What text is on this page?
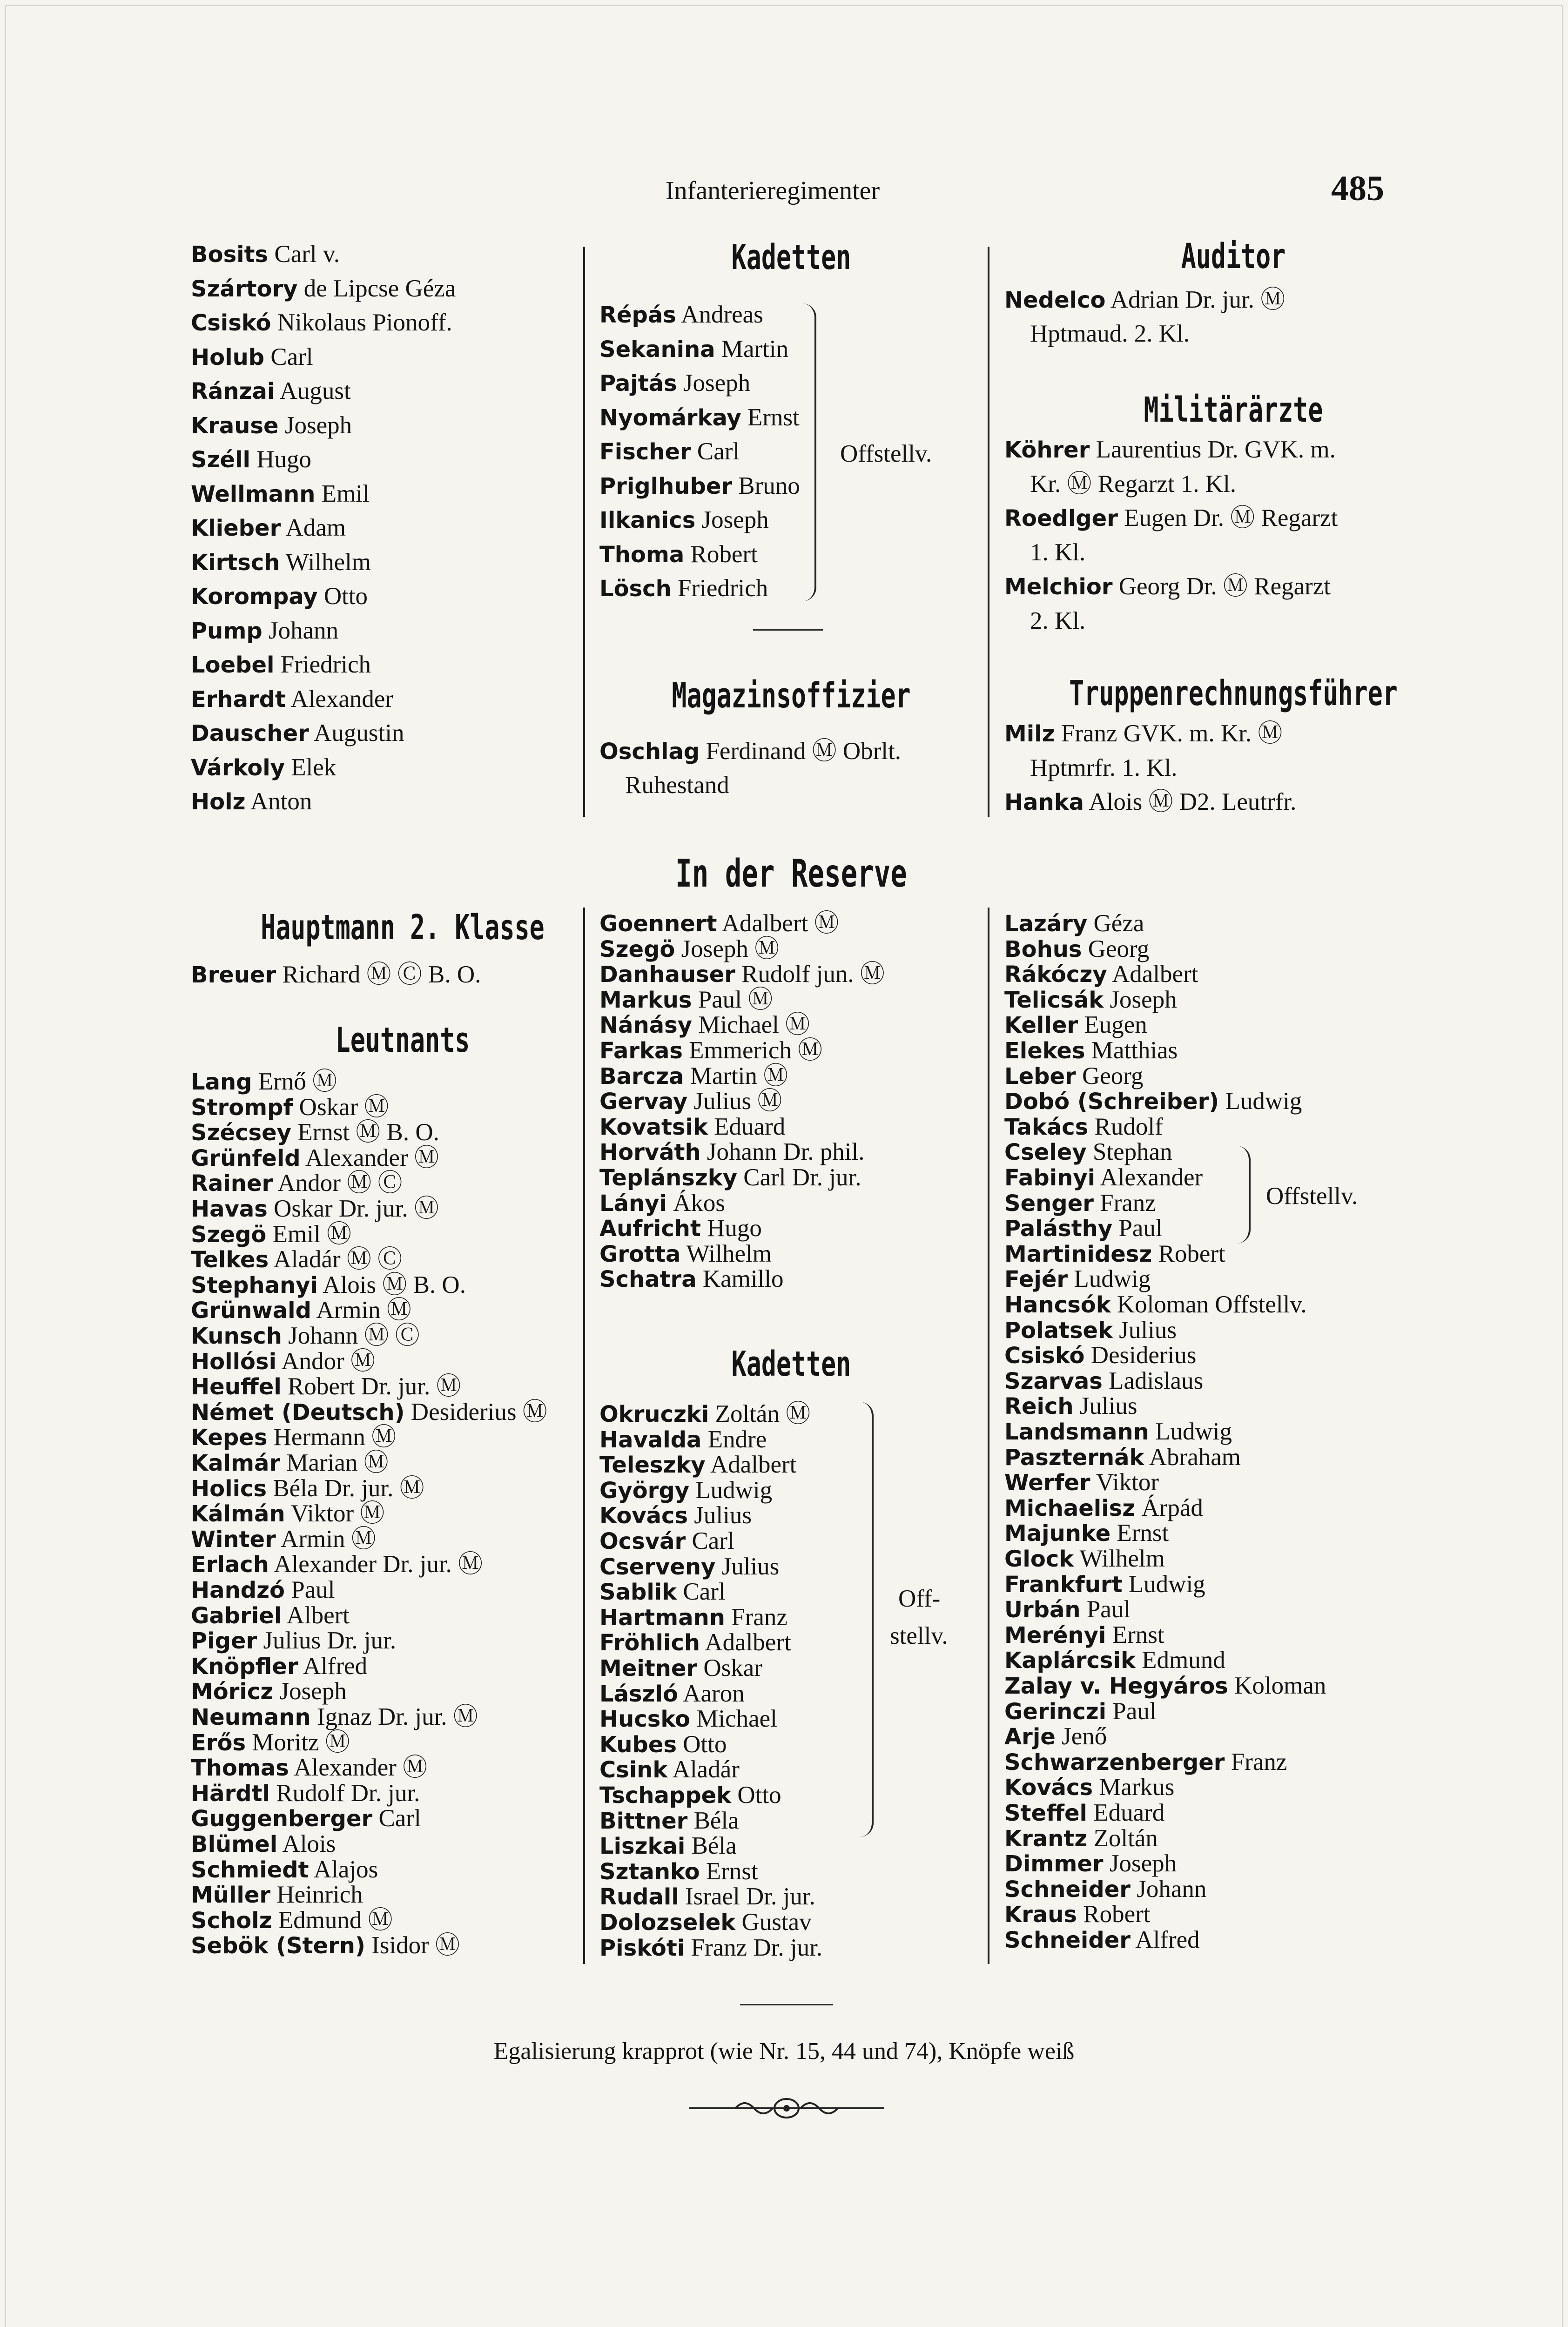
Infanterieregimenter	485
Bosits Carl v.
Szártory de Lipcse Géza
Csiskó Nikolaus Pionoff.
Holub Carl
Ránzai August
Krause Joseph
Széll Hugo
Wellmann Emil
Klieber Adam
Kirtsch Wilhelm
Korompay Otto
Pump Johann
Loebel Friedrich
Erhardt Alexander
Dauscher Augustin
Várkoly Elek
Holz Anton
Hauptmann 2. Klasse
Breuer Richard Ⓜ Ⓒ B. O.
Leutnants
Lang Ernő Ⓜ
Strompf Oskar Ⓜ
Szécsey Ernst Ⓜ B. O.
Grünfeld Alexander Ⓜ
Rainer Andor Ⓜ Ⓒ
Havas Oskar Dr. jur. Ⓜ
Szegö Emil Ⓜ
Telkes Aladár Ⓜ Ⓒ
Stephanyi Alois Ⓜ B. O.
Grünwald Armin Ⓜ
Kunsch Johann Ⓜ Ⓒ
Hollósi Andor Ⓜ
Heuffel Robert Dr. jur. Ⓜ
Német (Deutsch) Desiderius Ⓜ
Kepes Hermann Ⓜ
Kalmár Marian Ⓜ
Holics Béla Dr. jur. Ⓜ
Kálmán Viktor Ⓜ
Winter Armin Ⓜ
Erlach Alexander Dr. jur. Ⓜ
Handzó Paul
Gabriel Albert
Piger Julius Dr. jur.
Knöpfler Alfred
Móricz Joseph
Neumann Ignaz Dr. jur. Ⓜ
Erős Moritz Ⓜ
Thomas Alexander Ⓜ
Härdtl Rudolf Dr. jur.
Guggenberger Carl
Blümel Alois
Schmiedt Alajos
Müller Heinrich
Scholz Edmund Ⓜ
Sebök (Stern) Isidor Ⓜ
Kadetten
Répás Andreas
Sekanina Martin
Pajtás Joseph
Nyomárkay Ernst
Fischer Carl
Priglhuber Bruno
Ilkanics Joseph
Thoma Robert
Lösch Friedrich
Offstellv.
Magazinsoffizier
Oschlag Ferdinand Ⓜ Obrlt.
Ruhestand
Auditor
Nedelco Adrian Dr. jur. Ⓜ
Hptmaud. 2. Kl.
Militärärzte
Köhrer Laurentius Dr. GVK. m.
Kr. Ⓜ Regarzt 1. Kl.
Roedlger Eugen Dr. Ⓜ Regarzt
1. Kl.
Melchior Georg Dr. Ⓜ Regarzt
2. Kl.
Truppenrechnungsführer
Milz Franz GVK. m. Kr. Ⓜ
Hptmrfr. 1. Kl.
Hanka Alois Ⓜ D2. Leutrfr.
In der Reserve
Goennert Adalbert Ⓜ
Szegö Joseph Ⓜ
Danhauser Rudolf jun. Ⓜ
Markus Paul Ⓜ
Nánásy Michael Ⓜ
Farkas Emmerich Ⓜ
Barcza Martin Ⓜ
Gervay Julius Ⓜ
Kovatsik Eduard
Horváth Johann Dr. phil.
Teplánszky Carl Dr. jur.
Lányi Ákos
Aufricht Hugo
Grotta Wilhelm
Schatra Kamillo
Kadetten
Okruczki Zoltán Ⓜ
Havalda Endre
Teleszky Adalbert
György Ludwig
Kovács Julius
Ocsvár Carl
Cserveny Julius
Sablik Carl
Hartmann Franz
Fröhlich Adalbert
Meitner Oskar
László Aaron
Hucsko Michael
Kubes Otto
Csink Aladár
Tschappek Otto
Bittner Béla
Liszkai Béla
Sztanko Ernst
Rudall Israel Dr. jur.
Dolozselek Gustav
Piskóti Franz Dr. jur.
Off-
stellv.
Lazáry Géza
Bohus Georg
Rákóczy Adalbert
Telicsák Joseph
Keller Eugen
Elekes Matthias
Leber Georg
Dobó (Schreiber) Ludwig
Takács Rudolf
Cseley Stephan
Fabinyi Alexander
Senger Franz
Palásthy Paul
Martinidesz Robert
Fejér Ludwig
Hancsók Koloman Offstellv.
Polatsek Julius
Csiskó Desiderius
Szarvas Ladislaus
Reich Julius
Landsmann Ludwig
Paszternák Abraham
Werfer Viktor
Michaelisz Árpád
Majunke Ernst
Glock Wilhelm
Frankfurt Ludwig
Urbán Paul
Merényi Ernst
Kaplárcsik Edmund
Zalay v. Hegyáros Koloman
Gerinczi Paul
Arje Jenő
Schwarzenberger Franz
Kovács Markus
Steffel Eduard
Krantz Zoltán
Dimmer Joseph
Schneider Johann
Kraus Robert
Schneider Alfred
Offstellv.
Egalisierung krapprot (wie Nr. 15, 44 und 74), Knöpfe weiß
